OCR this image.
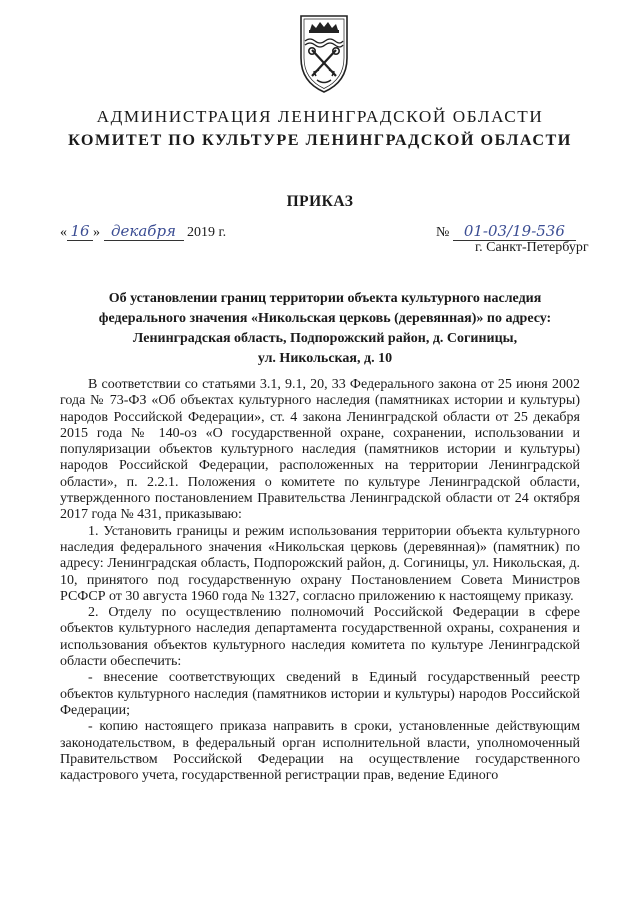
АДМИНИСТРАЦИЯ ЛЕНИНГРАДСКОЙ ОБЛАСТИ
КОМИТЕТ ПО КУЛЬТУРЕ ЛЕНИНГРАДСКОЙ ОБЛАСТИ
ПРИКАЗ
« 16 » декабря 2019 г.	№ 01-03/19-536
г. Санкт-Петербург
Об установлении границ территории объекта культурного наследия
федерального значения «Никольская церковь (деревянная)» по адресу:
Ленинградская область, Подпорожский район, д. Согиницы,
ул. Никольская, д. 10

В соответствии со статьями 3.1, 9.1, 20, 33 Федерального закона от 25 июня 2002 года № 73-ФЗ «Об объектах культурного наследия (памятниках истории и культуры) народов Российской Федерации», ст. 4 закона Ленинградской области от 25 декабря 2015 года № 140-оз «О государственной охране, сохранении, использовании и популяризации объектов культурного наследия (памятников истории и культуры) народов Российской Федерации, расположенных на территории Ленинградской области», п. 2.2.1. Положения о комитете по культуре Ленинградской области, утвержденного постановлением Правительства Ленинградской области от 24 октября 2017 года № 431, приказываю:

1. Установить границы и режим использования территории объекта культурного наследия федерального значения «Никольская церковь (деревянная)» (памятник) по адресу: Ленинградская область, Подпорожский район, д. Согиницы, ул. Никольская, д. 10, принятого под государственную охрану Постановлением Совета Министров РСФСР от 30 августа 1960 года № 1327, согласно приложению к настоящему приказу.

2. Отделу по осуществлению полномочий Российской Федерации в сфере объектов культурного наследия департамента государственной охраны, сохранения и использования объектов культурного наследия комитета по культуре Ленинградской области обеспечить:

- внесение соответствующих сведений в Единый государственный реестр объектов культурного наследия (памятников истории и культуры) народов Российской Федерации;

- копию настоящего приказа направить в сроки, установленные действующим законодательством, в федеральный орган исполнительной власти, уполномоченный Правительством Российской Федерации на осуществление государственного кадастрового учета, государственной регистрации прав, ведение Единого
